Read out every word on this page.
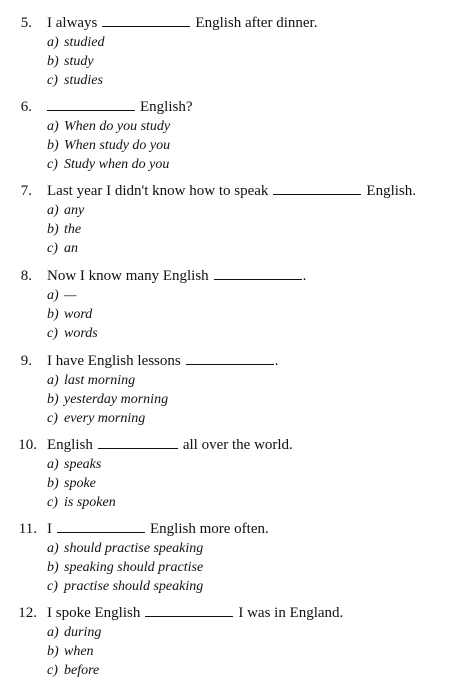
5. I always	English after dinner.
a) studied
b) study
c) studies
6.	English?
a) When do you study
b) When study do you
c) Study when do you
7. Last year I didn't know how to speak	English.
a) any
b) the
c) an
8. Now I know many English	.
a) —
b) word
c) words
9. I have English lessons	.
a) last morning
b) yesterday morning
c) every morning
10. English	all over the world.
a) speaks
b) spoke
c) is spoken
11. I	English more often.
a) should practise speaking
b) speaking should practise
c) practise should speaking
12. I spoke English	I was in England.
a) during
b) when
c) before
